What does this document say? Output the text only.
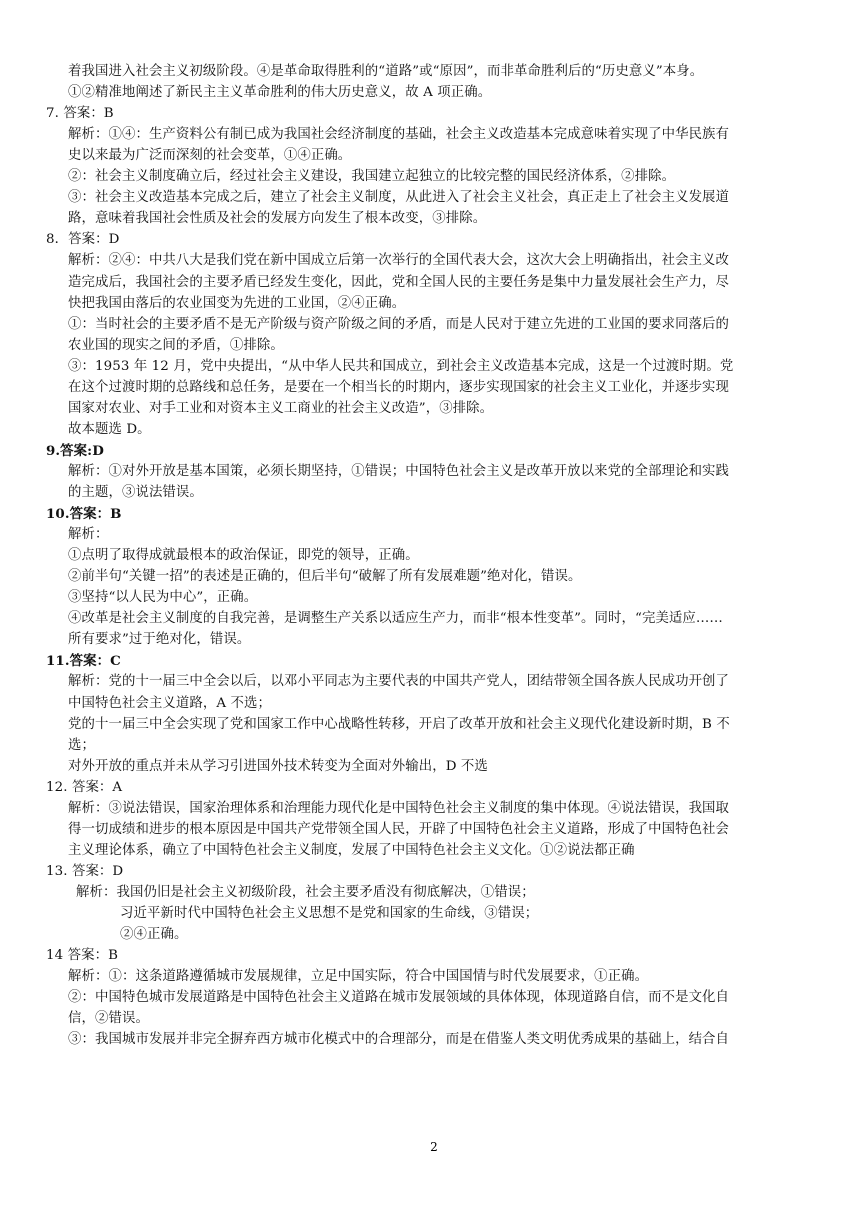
着我国进入社会主义初级阶段。④是革命取得胜利的“道路”或“原因”，而非革命胜利后的“历史意义”本身。
①②精准地阐述了新民主主义革命胜利的伟大历史意义，故 A 项正确。
7. 答案：B
解析：①④：生产资料公有制已成为我国社会经济制度的基础，社会主义改造基本完成意味着实现了中华民族有
史以来最为广泛而深刻的社会变革，①④正确。
②：社会主义制度确立后，经过社会主义建设，我国建立起独立的比较完整的国民经济体系，②排除。
③：社会主义改造基本完成之后，建立了社会主义制度，从此进入了社会主义社会，真正走上了社会主义发展道
路，意味着我国社会性质及社会的发展方向发生了根本改变，③排除。
8．答案：D
解析：②④：中共八大是我们党在新中国成立后第一次举行的全国代表大会，这次大会上明确指出，社会主义改
造完成后，我国社会的主要矛盾已经发生变化，因此，党和全国人民的主要任务是集中力量发展社会生产力，尽
快把我国由落后的农业国变为先进的工业国，②④正确。
①：当时社会的主要矛盾不是无产阶级与资产阶级之间的矛盾，而是人民对于建立先进的工业国的要求同落后的
农业国的现实之间的矛盾，①排除。
③：1953 年 12 月，党中央提出，“从中华人民共和国成立，到社会主义改造基本完成，这是一个过渡时期。党
在这个过渡时期的总路线和总任务，是要在一个相当长的时期内，逐步实现国家的社会主义工业化，并逐步实现
国家对农业、对手工业和对资本主义工商业的社会主义改造”，③排除。
故本题选 D。
9.答案:D
解析：①对外开放是基本国策，必须长期坚持，①错误；中国特色社会主义是改革开放以来党的全部理论和实践
的主题，③说法错误。
10.答案：B
解析：
①点明了取得成就最根本的政治保证，即党的领导，正确。
②前半句“关键一招”的表述是正确的，但后半句“破解了所有发展难题”绝对化，错误。
③坚持“以人民为中心”，正确。
④改革是社会主义制度的自我完善，是调整生产关系以适应生产力，而非“根本性变革”。同时，“完美适应……
所有要求”过于绝对化，错误。
11.答案：C
解析：党的十一届三中全会以后，以邓小平同志为主要代表的中国共产党人，团结带领全国各族人民成功开创了
中国特色社会主义道路，A 不选；
党的十一届三中全会实现了党和国家工作中心战略性转移，开启了改革开放和社会主义现代化建设新时期，B 不
选；
对外开放的重点并未从学习引进国外技术转变为全面对外输出，D 不选
12. 答案：A
解析：③说法错误，国家治理体系和治理能力现代化是中国特色社会主义制度的集中体现。④说法错误，我国取
得一切成绩和进步的根本原因是中国共产党带领全国人民，开辟了中国特色社会主义道路，形成了中国特色社会
主义理论体系，确立了中国特色社会主义制度，发展了中国特色社会主义文化。①②说法都正确
13. 答案：D
解析：我国仍旧是社会主义初级阶段，社会主要矛盾没有彻底解决，①错误；
习近平新时代中国特色社会主义思想不是党和国家的生命线，③错误；
②④正确。
14 答案：B
解析：①：这条道路遵循城市发展规律，立足中国实际，符合中国国情与时代发展要求，①正确。
②：中国特色城市发展道路是中国特色社会主义道路在城市发展领域的具体体现，体现道路自信，而不是文化自
信，②错误。
③：我国城市发展并非完全摒弃西方城市化模式中的合理部分，而是在借鉴人类文明优秀成果的基础上，结合自
2
